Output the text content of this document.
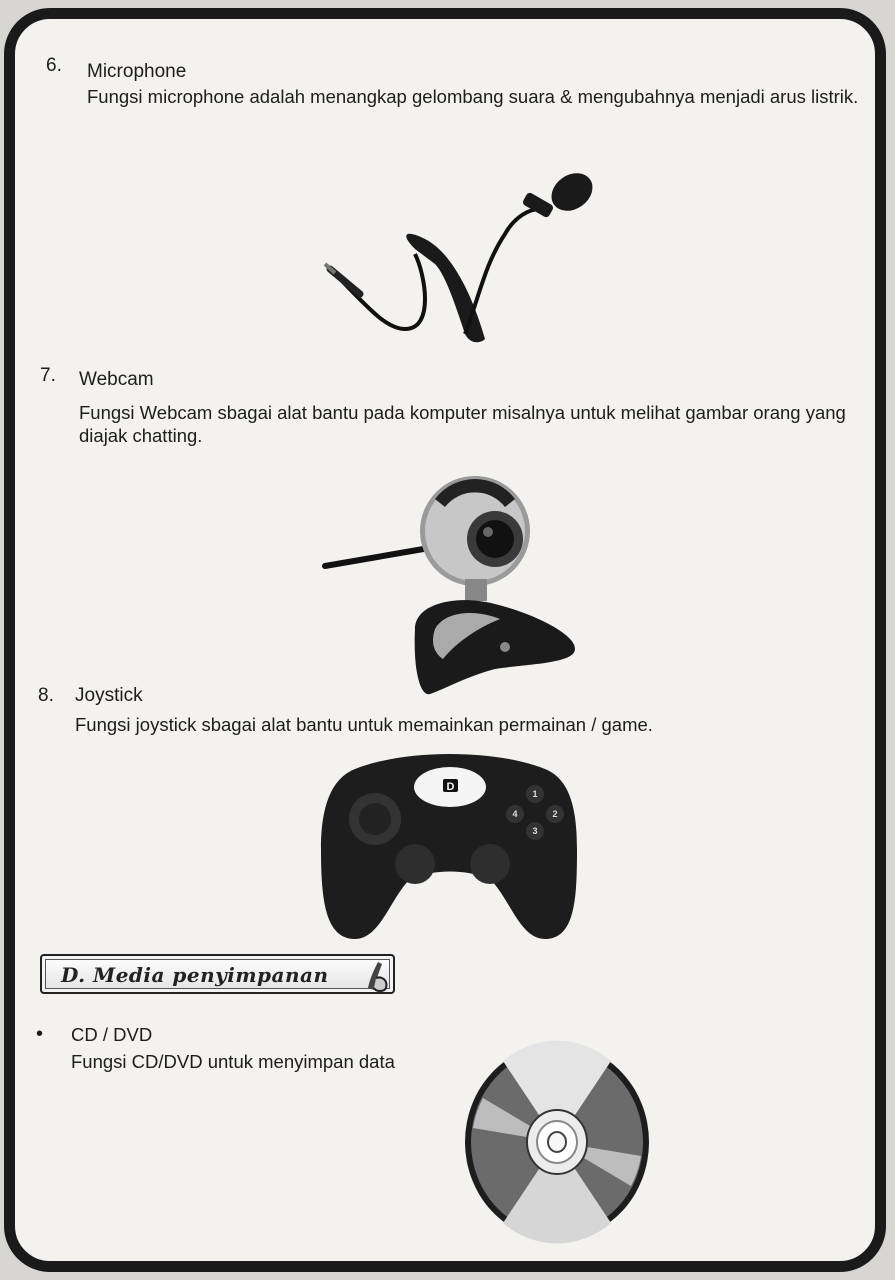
6. Microphone
Fungsi microphone adalah menangkap gelombang suara & mengubahnya menjadi arus listrik.
7. Webcam
Fungsi Webcam sbagai alat bantu pada komputer misalnya untuk melihat gambar orang yang diajak chatting.
8. Joystick
Fungsi joystick sbagai alat bantu untuk memainkan permainan / game.
D
1
2
3
4
D. Media penyimpanan
• CD / DVD
Fungsi CD/DVD untuk menyimpan data
